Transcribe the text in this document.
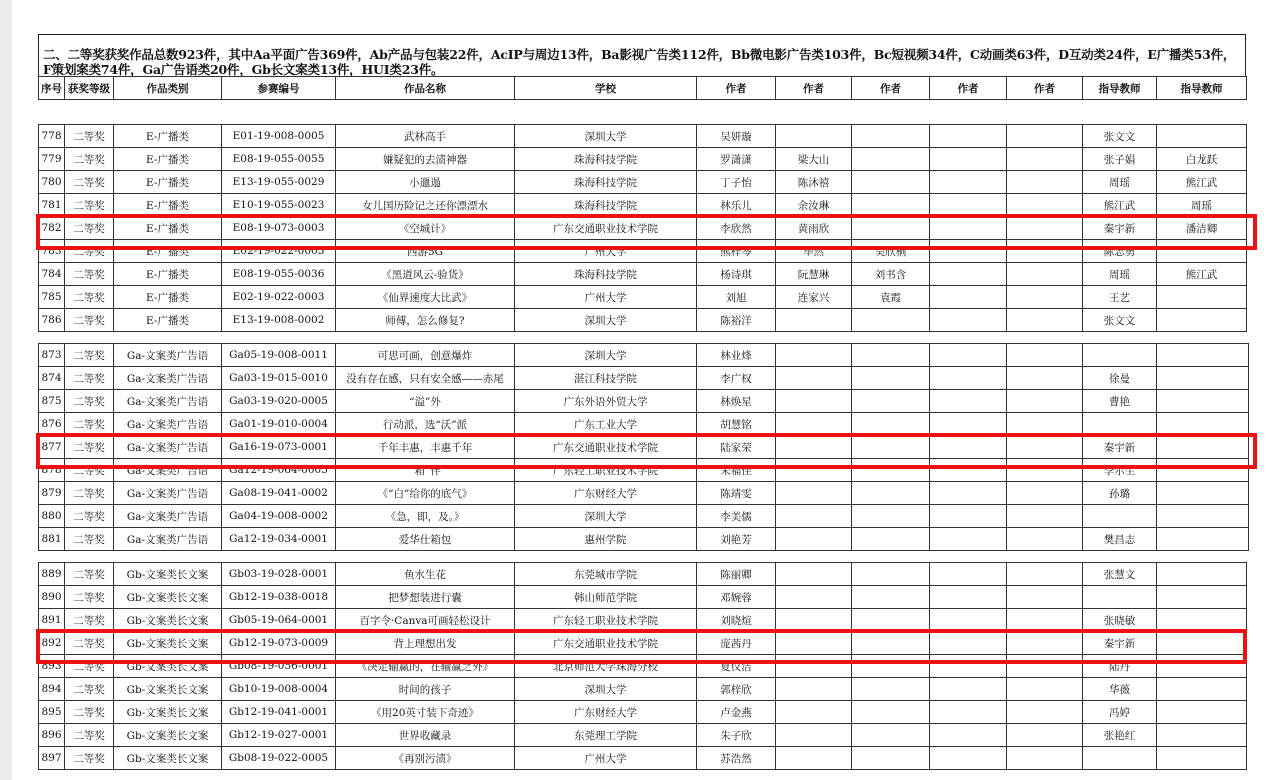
二、二等奖获奖作品总数923件，其中Aa平面广告369件，Ab产品与包装22件，AcIP与周边13件，Ba影视广告类112件，Bb微电影广告类103件，Bc短视频34件，C动画类63件，D互动类24件，E广播类53件，F策划案类74件，Ga广告语类20件，Gb长文案类13件，HUI类23件。
序号	获奖等级	作品类别	参赛编号	作品名称	学校	作者	作者	作者	作者	作者	指导教师	指导教师
778	二等奖	E-广播类	E01-19-008-0005	武林高手	深圳大学	吴妍璇					张文文	
779	二等奖	E-广播类	E08-19-055-0055	嫌疑犯的去渍神器	珠海科技学院	罗潇潇	梁大山				张子娟	白龙跃
780	二等奖	E-广播类	E13-19-055-0029	小邋遢	珠海科技学院	丁子怡	陈沐禧				周瑶	熊江武
781	二等奖	E-广播类	E10-19-055-0023	女儿国历险记之还你漂漂水	珠海科技学院	林乐儿	余汝琳				熊江武	周瑶
782	二等奖	E-广播类	E08-19-073-0003	《空城计》	广东交通职业技术学院	李欣然	黄雨欣				秦宇新	潘洁卿
783	二等奖	E-广播类	E02-19-022-0005	西游5G	广州大学	熊梓岑	毕然	吴欣桐			陈志勇	
784	二等奖	E-广播类	E08-19-055-0036	《黑道风云-验货》	珠海科技学院	杨诗琪	阮慧琳	刘书含			周瑶	熊江武
785	二等奖	E-广播类	E02-19-022-0003	《仙界速度大比武》	广州大学	刘旭	连家兴	袁霞			王艺	
786	二等奖	E-广播类	E13-19-008-0002	师傅，怎么修复?	深圳大学	陈裕洋					张文文	
873	二等奖	Ga-文案类广告语	Ga05-19-008-0011	可思可画，创意爆炸	深圳大学	林业烽						
874	二等奖	Ga-文案类广告语	Ga03-19-015-0010	没有存在感，只有安全感——赤尾	湛江科技学院	李广权					徐曼	
875	二等奖	Ga-文案类广告语	Ga03-19-020-0005	“溢”外	广东外语外贸大学	林焕星					曹艳	
876	二等奖	Ga-文案类广告语	Ga01-19-010-0004	行动派，选“沃”派	广东工业大学	胡慧铭						
877	二等奖	Ga-文案类广告语	Ga16-19-073-0001	千年丰惠，丰惠千年	广东交通职业技术学院	陆家荣					秦宇新	
878	二等奖	Ga-文案类广告语	Ga12-19-064-0005	“箱”伴	广东轻工职业技术学院	朱福佳					李尔生	
879	二等奖	Ga-文案类广告语	Ga08-19-041-0002	《“白”给你的底气》	广东财经大学	陈靖雯					孙璐	
880	二等奖	Ga-文案类广告语	Ga04-19-008-0002	《急，即，及。》	深圳大学	李美儒						
881	二等奖	Ga-文案类广告语	Ga12-19-034-0001	爱华仕箱包	惠州学院	刘艳芳					樊昌志	
889	二等奖	Gb-文案类长文案	Gb03-19-028-0001	鱼水生花	东莞城市学院	陈丽卿					张慧文	
890	二等奖	Gb-文案类长文案	Gb12-19-038-0018	把梦想装进行囊	韩山师范学院	邓婉蓉						
891	二等奖	Gb-文案类长文案	Gb05-19-064-0001	百字令·Canva可画轻松设计	广东轻工职业技术学院	刘晓煊					张晓敏	
892	二等奖	Gb-文案类长文案	Gb12-19-073-0009	背上理想出发	广东交通职业技术学院	庞茜丹					秦宇新	
893	二等奖	Gb-文案类长文案	Gb08-19-056-0001	《决定输赢的，在输赢之外》	北京师范大学珠海分校	夏仪洁					陆丹	
894	二等奖	Gb-文案类长文案	Gb10-19-008-0004	时间的孩子	深圳大学	郭梓欣					华薇	
895	二等奖	Gb-文案类长文案	Gb12-19-041-0001	《用20英寸装下奇迹》	广东财经大学	卢金燕					冯婷	
896	二等奖	Gb-文案类长文案	Gb12-19-027-0001	世界收藏录	东莞理工学院	朱子欣					张艳红	
897	二等奖	Gb-文案类长文案	Gb08-19-022-0005	《再别污渍》	广州大学	苏浩然						
